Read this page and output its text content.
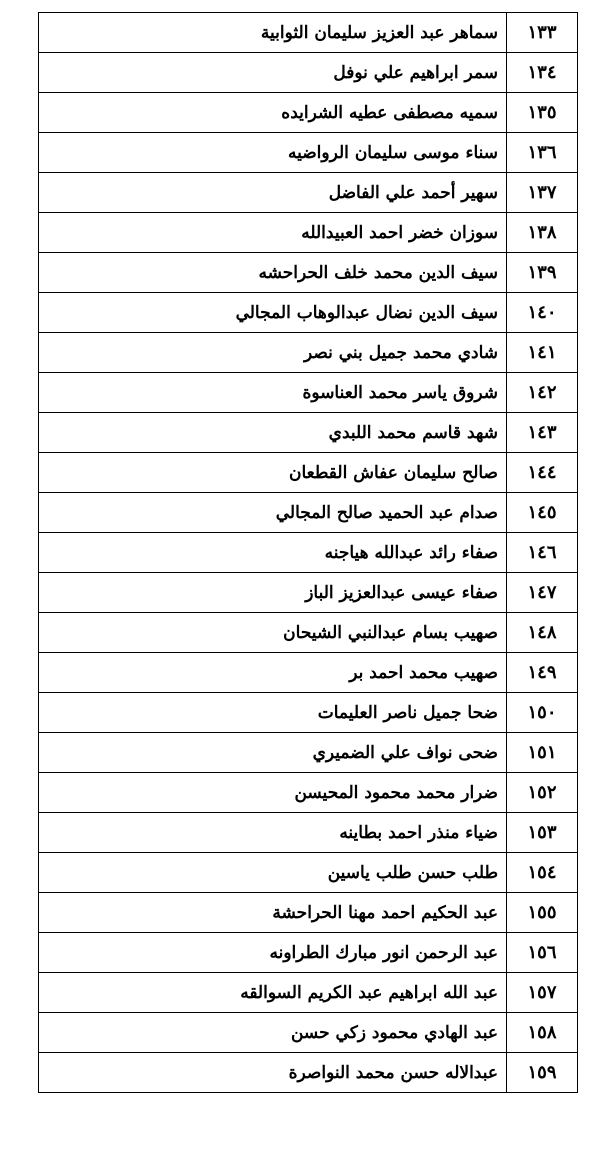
١٣٣	سماهر عبد العزيز سليمان الثوابية
١٣٤	سمر ابراهيم علي نوفل
١٣٥	سميه مصطفى عطيه الشرايده
١٣٦	سناء موسى سليمان الرواضيه
١٣٧	سهير أحمد علي الفاضل
١٣٨	سوزان خضر احمد العبيدالله
١٣٩	سيف الدين محمد خلف الحراحشه
١٤٠	سيف الدين نضال عبدالوهاب المجالي
١٤١	شادي محمد جميل بني نصر
١٤٢	شروق ياسر محمد العناسوة
١٤٣	شهد قاسم محمد اللبدي
١٤٤	صالح سليمان عفاش القطعان
١٤٥	صدام عبد الحميد صالح المجالي
١٤٦	صفاء رائد عبدالله هياجنه
١٤٧	صفاء عيسى عبدالعزيز الباز
١٤٨	صهيب بسام عبدالنبي الشيحان
١٤٩	صهيب محمد احمد بر
١٥٠	ضحا جميل ناصر العليمات
١٥١	ضحى نواف علي الضميري
١٥٢	ضرار محمد محمود المحيسن
١٥٣	ضياء منذر احمد بطاينه
١٥٤	طلب حسن طلب ياسين
١٥٥	عبد الحكيم احمد مهنا الحراحشة
١٥٦	عبد الرحمن انور مبارك الطراونه
١٥٧	عبد الله ابراهيم عبد الكريم السوالقه
١٥٨	عبد الهادي محمود زكي حسن
١٥٩	عبدالاله حسن محمد النواصرة
